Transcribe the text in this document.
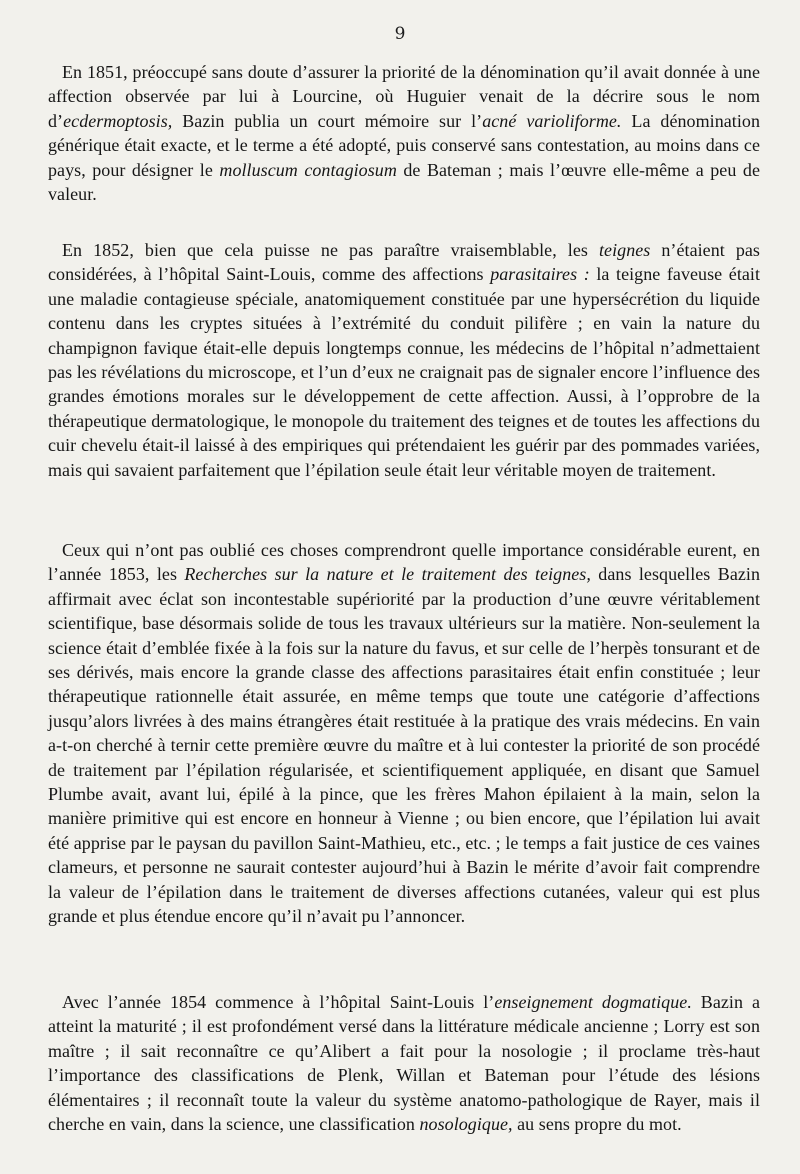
9
En 1851, préoccupé sans doute d’assurer la priorité de la dénomination qu’il avait donnée à une affection observée par lui à Lourcine, où Huguier venait de la décrire sous le nom d’ecdermoptosis, Bazin publia un court mémoire sur l’acné varioliforme. La dénomination générique était exacte, et le terme a été adopté, puis conservé sans contestation, au moins dans ce pays, pour désigner le molluscum contagiosum de Bateman ; mais l’œuvre elle-même a peu de valeur.
En 1852, bien que cela puisse ne pas paraître vraisemblable, les teignes n’étaient pas considérées, à l’hôpital Saint-Louis, comme des affections parasitaires : la teigne faveuse était une maladie contagieuse spéciale, anatomiquement constituée par une hypersécrétion du liquide contenu dans les cryptes situées à l’extrémité du conduit pilifère ; en vain la nature du champignon favique était-elle depuis longtemps connue, les médecins de l’hôpital n’admettaient pas les révélations du microscope, et l’un d’eux ne craignait pas de signaler encore l’influence des grandes émotions morales sur le développement de cette affection. Aussi, à l’opprobre de la thérapeutique dermatologique, le monopole du traitement des teignes et de toutes les affections du cuir chevelu était-il laissé à des empiriques qui prétendaient les guérir par des pommades variées, mais qui savaient parfaitement que l’épilation seule était leur véritable moyen de traitement.
Ceux qui n’ont pas oublié ces choses comprendront quelle importance considérable eurent, en l’année 1853, les Recherches sur la nature et le traitement des teignes, dans lesquelles Bazin affirmait avec éclat son incontestable supériorité par la production d’une œuvre véritablement scientifique, base désormais solide de tous les travaux ultérieurs sur la matière. Non-seulement la science était d’emblée fixée à la fois sur la nature du favus, et sur celle de l’herpès tonsurant et de ses dérivés, mais encore la grande classe des affections parasitaires était enfin constituée ; leur thérapeutique rationnelle était assurée, en même temps que toute une catégorie d’affections jusqu’alors livrées à des mains étrangères était restituée à la pratique des vrais médecins. En vain a-t-on cherché à ternir cette première œuvre du maître et à lui contester la priorité de son procédé de traitement par l’épilation régularisée, et scientifiquement appliquée, en disant que Samuel Plumbe avait, avant lui, épilé à la pince, que les frères Mahon épilaient à la main, selon la manière primitive qui est encore en honneur à Vienne ; ou bien encore, que l’épilation lui avait été apprise par le paysan du pavillon Saint-Mathieu, etc., etc. ; le temps a fait justice de ces vaines clameurs, et personne ne saurait contester aujourd’hui à Bazin le mérite d’avoir fait comprendre la valeur de l’épilation dans le traitement de diverses affections cutanées, valeur qui est plus grande et plus étendue encore qu’il n’avait pu l’annoncer.
Avec l’année 1854 commence à l’hôpital Saint-Louis l’enseignement dogmatique. Bazin a atteint la maturité ; il est profondément versé dans la littérature médicale ancienne ; Lorry est son maître ; il sait reconnaître ce qu’Alibert a fait pour la nosologie ; il proclame très-haut l’importance des classifications de Plenk, Willan et Bateman pour l’étude des lésions élémentaires ; il reconnaît toute la valeur du système anatomo-pathologique de Rayer, mais il cherche en vain, dans la science, une classification nosologique, au sens propre du mot.
